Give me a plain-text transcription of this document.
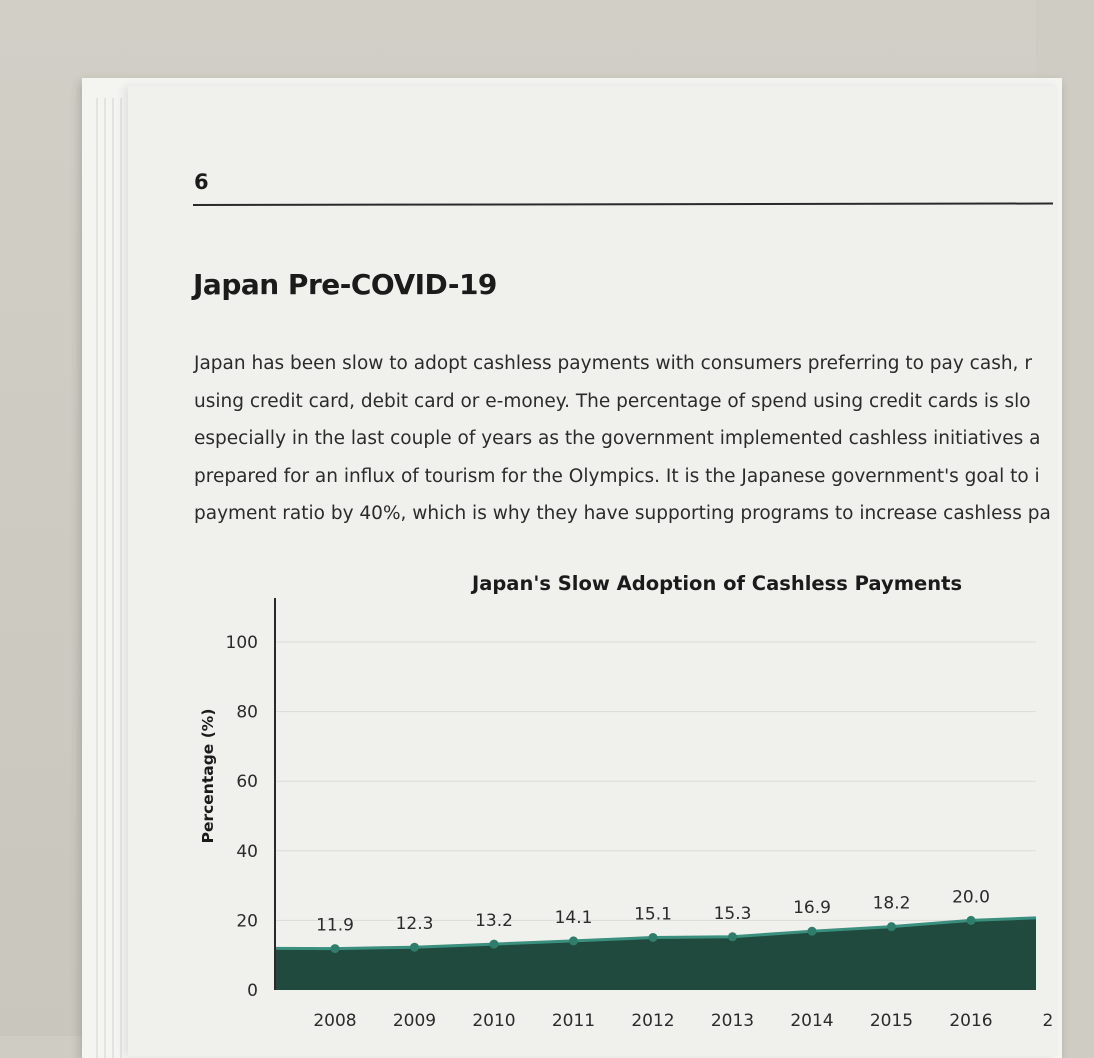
6
Japan Pre-COVID-19
Japan has been slow to adopt cashless payments with consumers preferring to pay cash, r
using credit card, debit card or e-money. The percentage of spend using credit cards is slo
especially in the last couple of years as the government implemented cashless initiatives a
prepared for an influx of tourism for the Olympics. It is the Japanese government's goal to i
payment ratio by 40%, which is why they have supporting programs to increase cashless pa
Japan's Slow Adoption of Cashless Payments
Percentage (%)
0
20
40
60
80
100
11.9 12.3 13.2 14.1 15.1 15.3 16.9 18.2 20.0
2008 2009 2010 2011 2012 2013 2014 2015 2016	2
